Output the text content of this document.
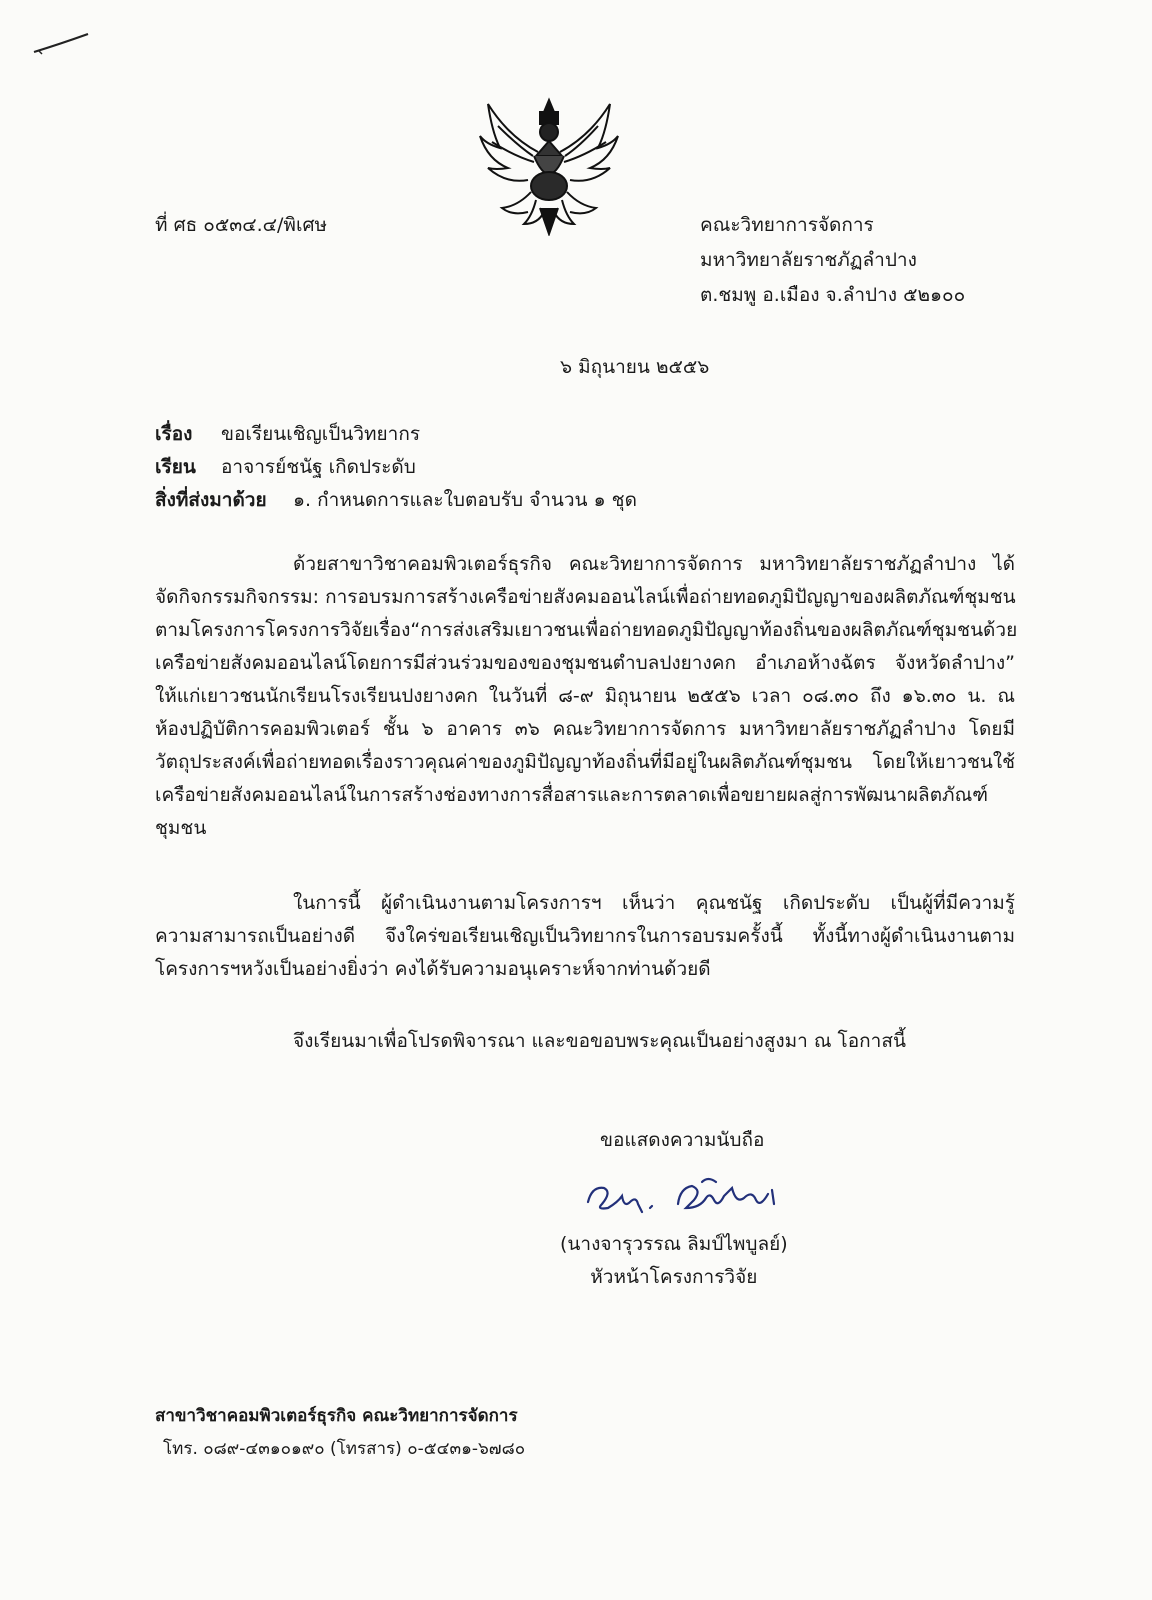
ที่ ศธ ๐๕๓๔.๔/พิเศษ	คณะวิทยาการจัดการ
มหาวิทยาลัยราชภัฏลำปาง
ต.ชมพู อ.เมือง จ.ลำปาง ๕๒๑๐๐
๖ มิถุนายน ๒๕๕๖
เรื่อง ขอเรียนเชิญเป็นวิทยากร
เรียน อาจารย์ชนัฐ เกิดประดับ
สิ่งที่ส่งมาด้วย ๑. กำหนดการและใบตอบรับ จำนวน ๑ ชุด
ด้วยสาขาวิชาคอมพิวเตอร์ธุรกิจ คณะวิทยาการจัดการ มหาวิทยาลัยราชภัฏลำปาง ได้
จัดกิจกรรมกิจกรรม: การอบรมการสร้างเครือข่ายสังคมออนไลน์เพื่อถ่ายทอดภูมิปัญญาของผลิตภัณฑ์ชุมชน
ตามโครงการโครงการวิจัยเรื่อง“การส่งเสริมเยาวชนเพื่อถ่ายทอดภูมิปัญญาท้องถิ่นของผลิตภัณฑ์ชุมชนด้วย
เครือข่ายสังคมออนไลน์โดยการมีส่วนร่วมของของชุมชนตำบลปงยางคก อำเภอห้างฉัตร จังหวัดลำปาง”
ให้แก่เยาวชนนักเรียนโรงเรียนปงยางคก ในวันที่ ๘-๙ มิถุนายน ๒๕๕๖ เวลา ๐๘.๓๐ ถึง ๑๖.๓๐ น. ณ
ห้องปฏิบัติการคอมพิวเตอร์ ชั้น ๖ อาคาร ๓๖ คณะวิทยาการจัดการ มหาวิทยาลัยราชภัฏลำปาง โดยมี
วัตถุประสงค์เพื่อถ่ายทอดเรื่องราวคุณค่าของภูมิปัญญาท้องถิ่นที่มีอยู่ในผลิตภัณฑ์ชุมชน โดยให้เยาวชนใช้
เครือข่ายสังคมออนไลน์ในการสร้างช่องทางการสื่อสารและการตลาดเพื่อขยายผลสู่การพัฒนาผลิตภัณฑ์
ชุมชน
ในการนี้ ผู้ดำเนินงานตามโครงการฯ เห็นว่า คุณชนัฐ เกิดประดับ เป็นผู้ที่มีความรู้
ความสามารถเป็นอย่างดี จึงใคร่ขอเรียนเชิญเป็นวิทยากรในการอบรมครั้งนี้ ทั้งนี้ทางผู้ดำเนินงานตาม
โครงการฯหวังเป็นอย่างยิ่งว่า คงได้รับความอนุเคราะห์จากท่านด้วยดี
จึงเรียนมาเพื่อโปรดพิจารณา และขอขอบพระคุณเป็นอย่างสูงมา ณ โอกาสนี้
ขอแสดงความนับถือ
(นางจารุวรรณ ลิมป์ไพบูลย์)
หัวหน้าโครงการวิจัย
สาขาวิชาคอมพิวเตอร์ธุรกิจ คณะวิทยาการจัดการ
โทร. ๐๘๙-๔๓๑๐๑๙๐ (โทรสาร) ๐-๕๔๓๑-๖๗๘๐
